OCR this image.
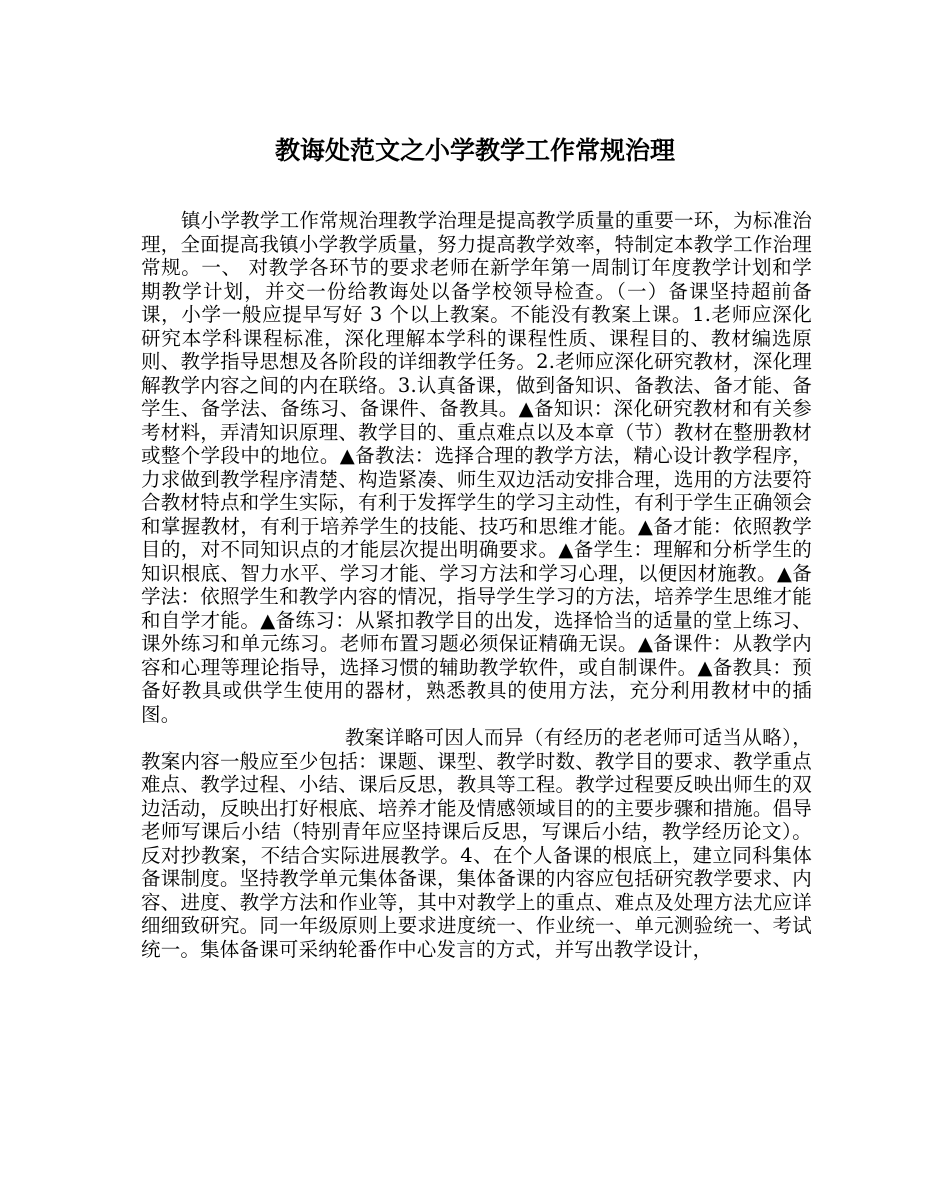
教诲处范文之小学教学工作常规治理

镇小学教学工作常规治理教学治理是提高教学质量的重要一环，为标准治理，全面提高我镇小学教学质量，努力提高教学效率，特制定本教学工作治理常规。一、 对教学各环节的要求老师在新学年第一周制订年度教学计划和学期教学计划，并交一份给教诲处以备学校领导检查。（一）备课坚持超前备课，小学一般应提早写好 3 个以上教案。不能没有教案上课。1.老师应深化研究本学科课程标准，深化理解本学科的课程性质、课程目的、教材编选原则、教学指导思想及各阶段的详细教学任务。2.老师应深化研究教材，深化理解教学内容之间的内在联络。3.认真备课，做到备知识、备教法、备才能、备学生、备学法、备练习、备课件、备教具。▲备知识：深化研究教材和有关参考材料，弄清知识原理、教学目的、重点难点以及本章（节）教材在整册教材或整个学段中的地位。▲备教法：选择合理的教学方法，精心设计教学程序，力求做到教学程序清楚、构造紧凑、师生双边活动安排合理，选用的方法要符合教材特点和学生实际，有利于发挥学生的学习主动性，有利于学生正确领会和掌握教材，有利于培养学生的技能、技巧和思维才能。▲备才能：依照教学目的，对不同知识点的才能层次提出明确要求。▲备学生：理解和分析学生的知识根底、智力水平、学习才能、学习方法和学习心理，以便因材施教。▲备学法：依照学生和教学内容的情况，指导学生学习的方法，培养学生思维才能和自学才能。▲备练习：从紧扣教学目的出发，选择恰当的适量的堂上练习、课外练习和单元练习。老师布置习题必须保证精确无误。▲备课件：从教学内容和心理等理论指导，选择习惯的辅助教学软件，或自制课件。▲备教具：预备好教具或供学生使用的器材，熟悉教具的使用方法，充分利用教材中的插图。

教案详略可因人而异（有经历的老老师可适当从略），教案内容一般应至少包括：课题、课型、教学时数、教学目的要求、教学重点难点、教学过程、小结、课后反思，教具等工程。教学过程要反映出师生的双边活动，反映出打好根底、培养才能及情感领域目的的主要步骤和措施。倡导老师写课后小结（特别青年应坚持课后反思，写课后小结，教学经历论文）。反对抄教案，不结合实际进展教学。4、在个人备课的根底上，建立同科集体备课制度。坚持教学单元集体备课，集体备课的内容应包括研究教学要求、内容、进度、教学方法和作业等，其中对教学上的重点、难点及处理方法尤应详细细致研究。同一年级原则上要求进度统一、作业统一、单元测验统一、考试统一。集体备课可采纳轮番作中心发言的方式，并写出教学设计，
